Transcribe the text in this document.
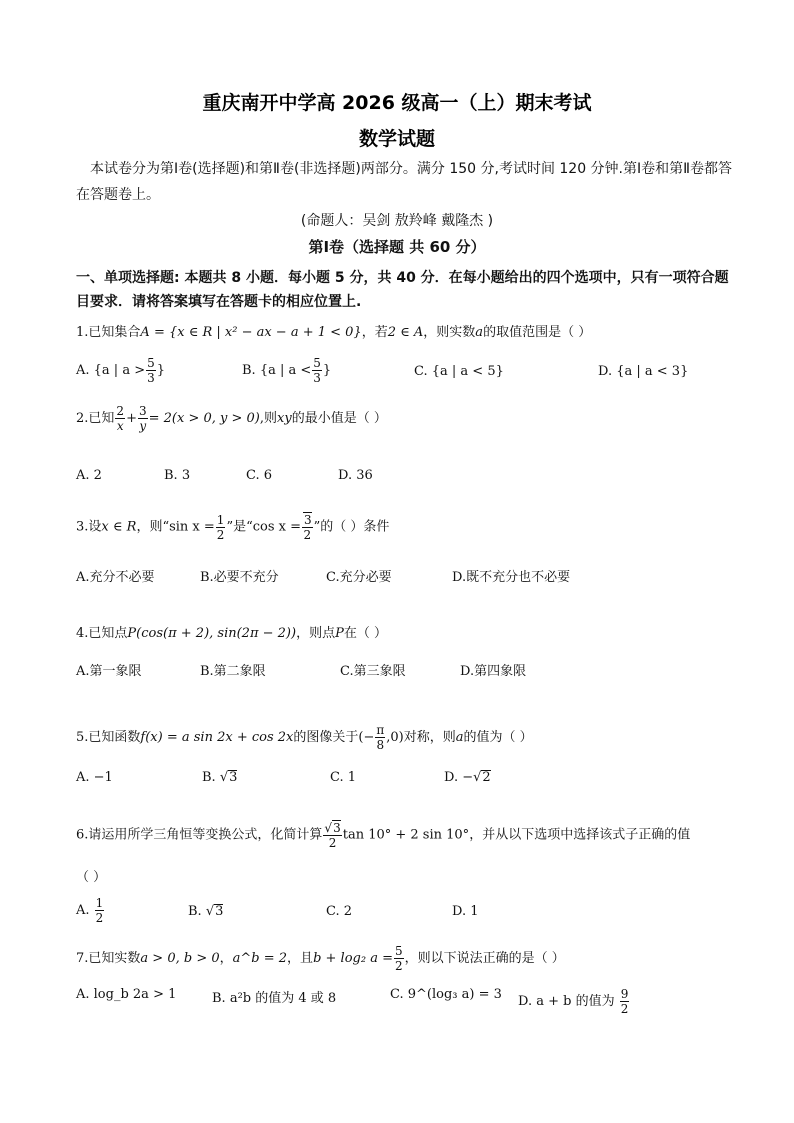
重庆南开中学高 2026 级高一（上）期末考试
数学试题
本试卷分为第Ⅰ卷(选择题)和第Ⅱ卷(非选择题)两部分。满分 150 分,考试时间 120 分钟.第Ⅰ卷和第Ⅱ卷都答在答题卷上。
(命题人：吴剑 敖羚峰 戴隆杰 )
第Ⅰ卷（选择题 共 60 分）
一、单项选择题: 本题共 8 小题．每小题 5 分，共 40 分．在每小题给出的四个选项中，只有一项符合题目要求．请将答案填写在答题卡的相应位置上.
1.已知集合A = {x ∈ R | x² − ax − a + 1 < 0}，若2 ∈ A，则实数a的取值范围是（ ）
A. {a | $a > \frac{5}{3}$ }	B. {a | $a < \frac{5}{3}$ }	C. {a | a < 5}	D. {a | a < 3}
2.已知 $\frac{2}{x} + \frac{3}{y} = 2(x > 0$, y > 0),则xy的最小值是（ ）
A. 2	B. 3	C. 6	D. 36
3.设x ∈ R，则“sin $x = \frac{1}{2}$ ”是“cos $x = \frac{3}{2}$ ”的（ ）条件
A.充分不必要	B.必要不充分	C.充分必要	D.既不充分也不必要
4.已知点P(cos(π + 2), sin(2π − 2))，则点P在（ ）
A.第一象限	B.第二象限	C.第三象限	D.第四象限
5.已知函数f(x) = a sin 2x + cos 2x的图像关于(− $\frac{\pi}{8} ,0$)对称，则a的值为（ ）
A. −1	B. √3	C. 1	D. −√2
6.请运用所学三角恒等变换公式，化简计算 $\frac{√3}{2}$ tan 10° + 2 sin 10°，并从以下选项中选择该式子正确的值
（ ）
A. $\frac{1}{2}$	B. √3	C. 2	D. 1
7.已知实数a > 0, b > 0，a^b = 2，且b + log₂ $a = \frac{5}{2}$ ，则以下说法正确的是（ ）
A. log_b 2a > 1	B. a²b 的值为 4 或 8	C. 9^(log₃ a) = 3 D. a + b 的值为 $\frac{9}{2}$
